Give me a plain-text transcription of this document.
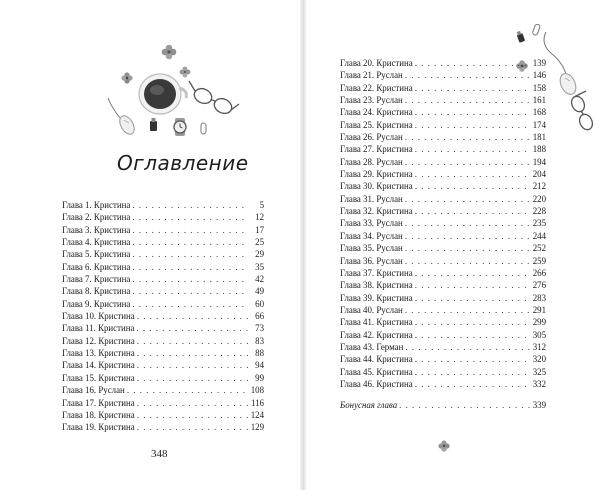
Оглавление
Глава 1. Кристина . . .	5
Глава 2. Кристина . . .	12
Глава 3. Кристина . . .	17
Глава 4. Кристина . . .	25
Глава 5. Кристина . . .	29
Глава 6. Кристина . . .	35
Глава 7. Кристина . . .	42
Глава 8. Кристина . . .	49
Глава 9. Кристина . . .	60
Глава 10. Кристина . . .	66
Глава 11. Кристина . . .	73
Глава 12. Кристина . . .	83
Глава 13. Кристина . . .	88
Глава 14. Кристина . . .	94
Глава 15. Кристина . . .	99
Глава 16. Руслан . . .	108
Глава 17. Кристина . . .	116
Глава 18. Кристина . . .	124
Глава 19. Кристина . . .	129
348
Глава 20. Кристина . . .	139
Глава 21. Руслан . . .	146
Глава 22. Кристина . . .	158
Глава 23. Руслан . . .	161
Глава 24. Кристина . . .	168
Глава 25. Кристина . . .	174
Глава 26. Руслан . . .	181
Глава 27. Кристина . . .	188
Глава 28. Руслан . . .	194
Глава 29. Кристина . . .	204
Глава 30. Кристина . . .	212
Глава 31. Руслан . . .	220
Глава 32. Кристина . . .	228
Глава 33. Руслан . . .	235
Глава 34. Руслан . . .	244
Глава 35. Руслан . . .	252
Глава 36. Руслан . . .	259
Глава 37. Кристина . . .	266
Глава 38. Кристина . . .	276
Глава 39. Кристина . . .	283
Глава 40. Руслан . . .	291
Глава 41. Кристина . . .	299
Глава 42. Кристина . . .	305
Глава 43. Герман . . .	312
Глава 44. Кристина . . .	320
Глава 45. Кристина . . .	325
Глава 46. Кристина . . .	332
Бонусная глава . . .	339
